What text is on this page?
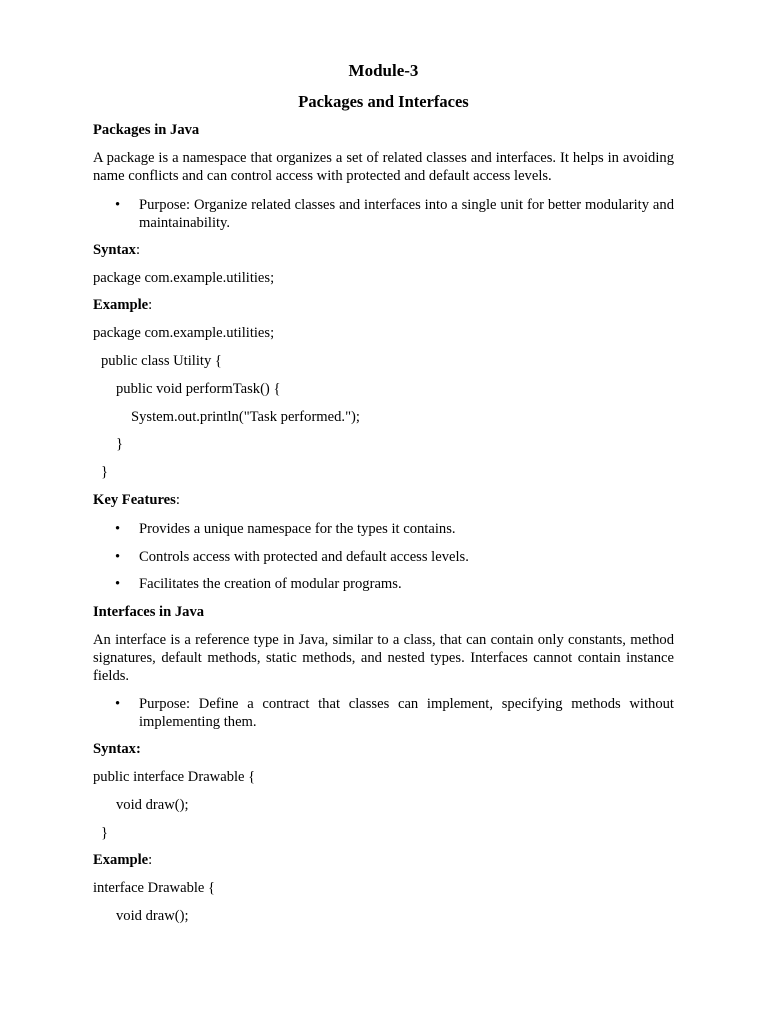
Module-3
Packages and Interfaces
Packages in Java
A package is a namespace that organizes a set of related classes and interfaces. It helps in avoiding name conflicts and can control access with protected and default access levels.
• Purpose: Organize related classes and interfaces into a single unit for better modularity and maintainability.
Syntax:
package com.example.utilities;
Example:
package com.example.utilities;
public class Utility {
public void performTask() {
System.out.println("Task performed.");
}
}
Key Features:
• Provides a unique namespace for the types it contains.
• Controls access with protected and default access levels.
• Facilitates the creation of modular programs.
Interfaces in Java
An interface is a reference type in Java, similar to a class, that can contain only constants, method signatures, default methods, static methods, and nested types. Interfaces cannot contain instance fields.
• Purpose: Define a contract that classes can implement, specifying methods without implementing them.
Syntax:
public interface Drawable {
void draw();
}
Example:
interface Drawable {
void draw();
